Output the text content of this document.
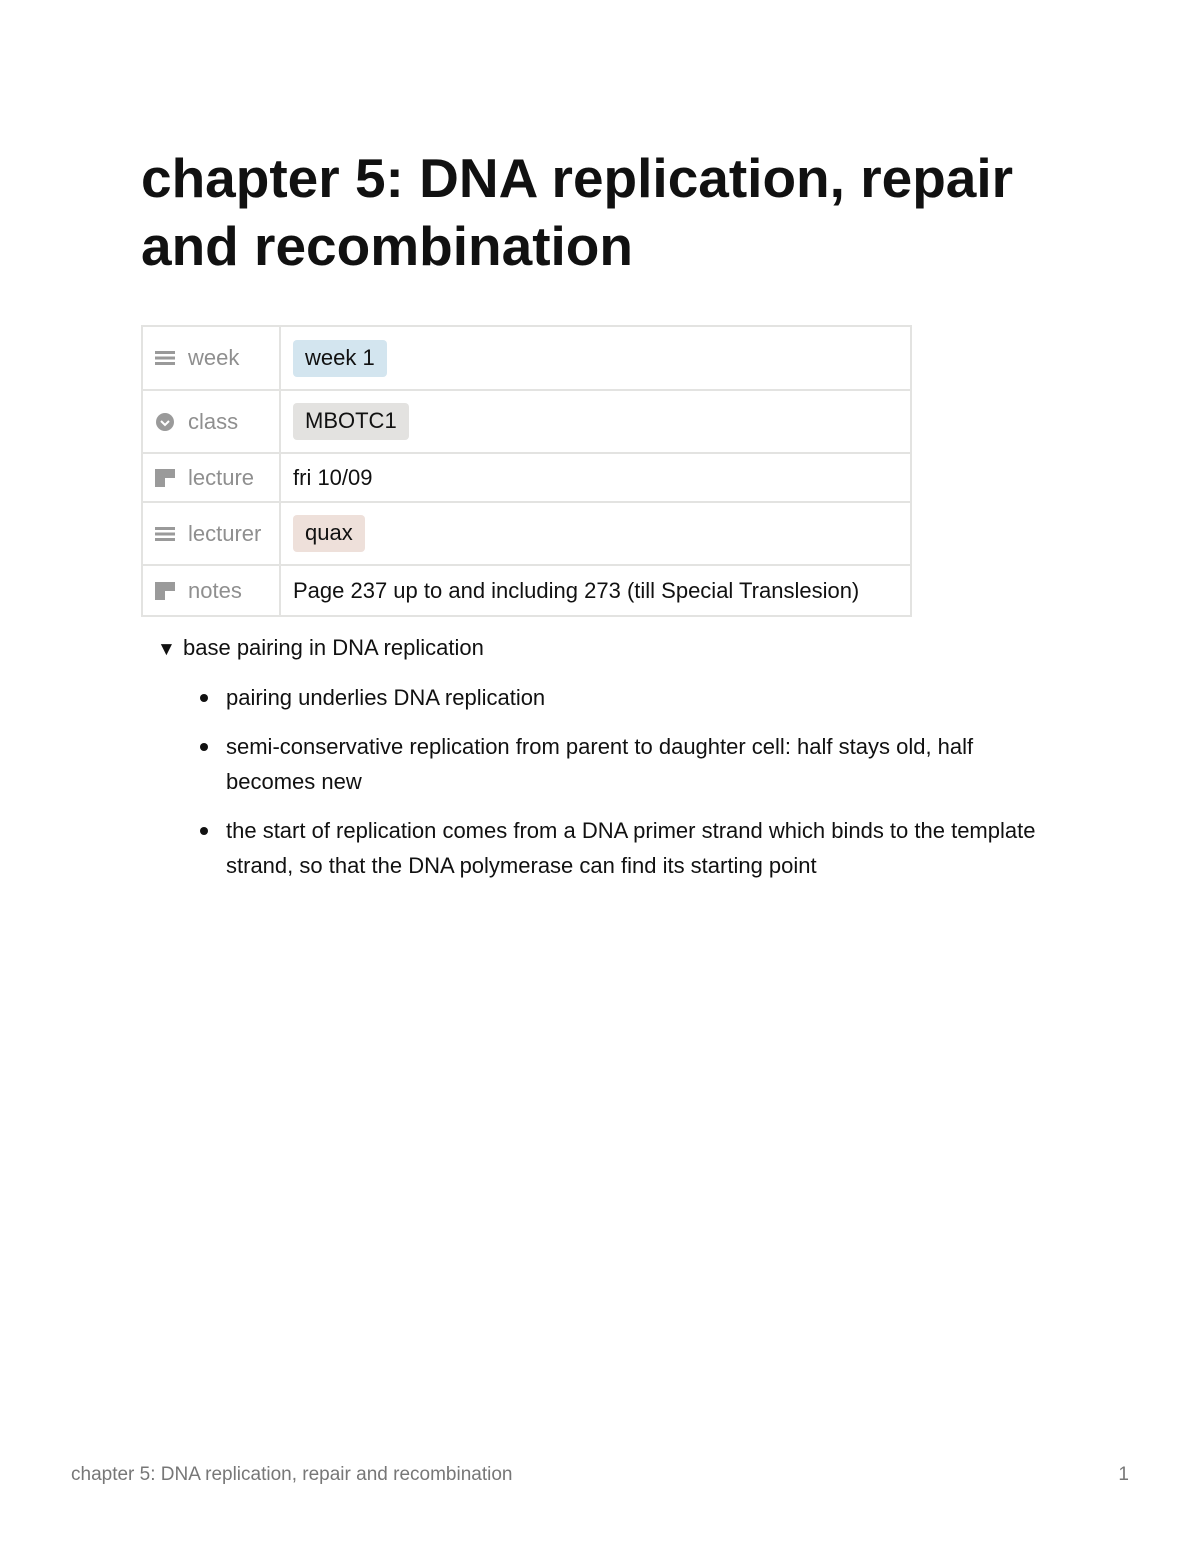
chapter 5: DNA replication, repair and recombination
week	week 1

class	MBOTC1

lecture	fri 10/09

lecturer	quax

notes	Page 237 up to and including 273 (till Special Translesion)
▼ base pairing in DNA replication
pairing underlies DNA replication
semi-conservative replication from parent to daughter cell: half stays old, half becomes new
the start of replication comes from a DNA primer strand which binds to the template strand, so that the DNA polymerase can find its starting point
chapter 5: DNA replication, repair and recombination	1
